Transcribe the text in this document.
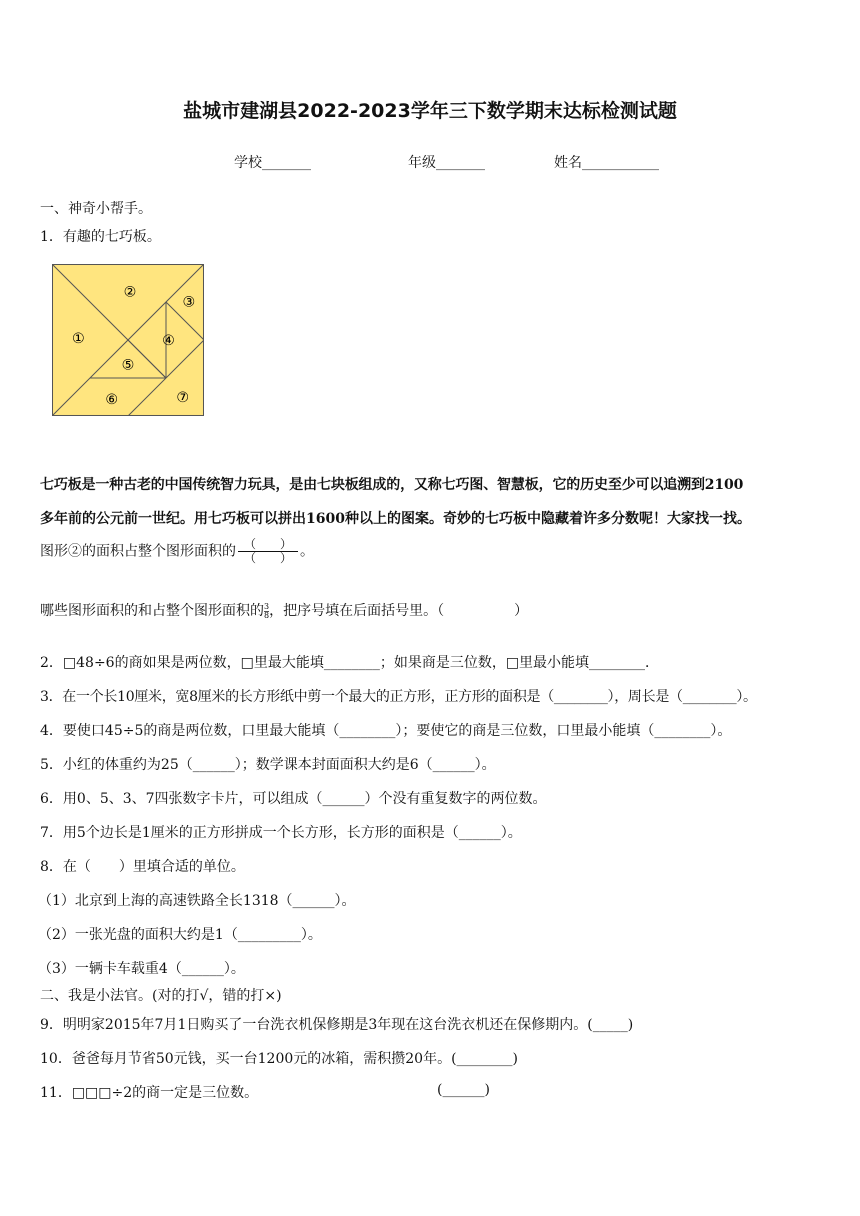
盐城市建湖县2022-2023学年三下数学期末达标检测试题
学校_______	年级_______	姓名___________
一、神奇小帮手。
1．有趣的七巧板。
①
②
③
④
⑤
⑥	⑦
七巧板是一种古老的中国传统智力玩具，是由七块板组成的，又称七巧图、智慧板，它的历史至少可以追溯到2100
多年前的公元前一世纪。用七巧板可以拼出1600种以上的图案。奇妙的七巧板中隐藏着许多分数呢！大家找一找。
图形②的面积占整个图形面积的 $\frac{( )}{( )}$ 。
哪些图形面积的和占整个图形面积的 $\frac{3}{8}$ ，把序号填在后面括号里。（　　　　　）
2．□48÷6的商如果是两位数，□里最大能填________；如果商是三位数，□里最小能填________．
3．在一个长10厘米，宽8厘米的长方形纸中剪一个最大的正方形，正方形的面积是（________），周长是（________）。
4．要使口45÷5的商是两位数，口里最大能填（________）；要使它的商是三位数，口里最小能填（________）。
5．小红的体重约为25（______）；数学课本封面面积大约是6（______）。
6．用0、5、3、7四张数字卡片，可以组成（______）个没有重复数字的两位数。
7．用5个边长是1厘米的正方形拼成一个长方形，长方形的面积是（______）。
8．在（　　）里填合适的单位。
（1）北京到上海的高速铁路全长1318（______）。
（2）一张光盘的面积大约是1（_________）。
（3）一辆卡车载重4（______）。
二、我是小法官。(对的打√，错的打×)
9．明明家2015年7月1日购买了一台洗衣机保修期是3年现在这台洗衣机还在保修期内。(_____)
10．爸爸每月节省50元钱，买一台1200元的冰箱，需积攒20年。(________)
11．□□□÷2的商一定是三位数。	(______)
